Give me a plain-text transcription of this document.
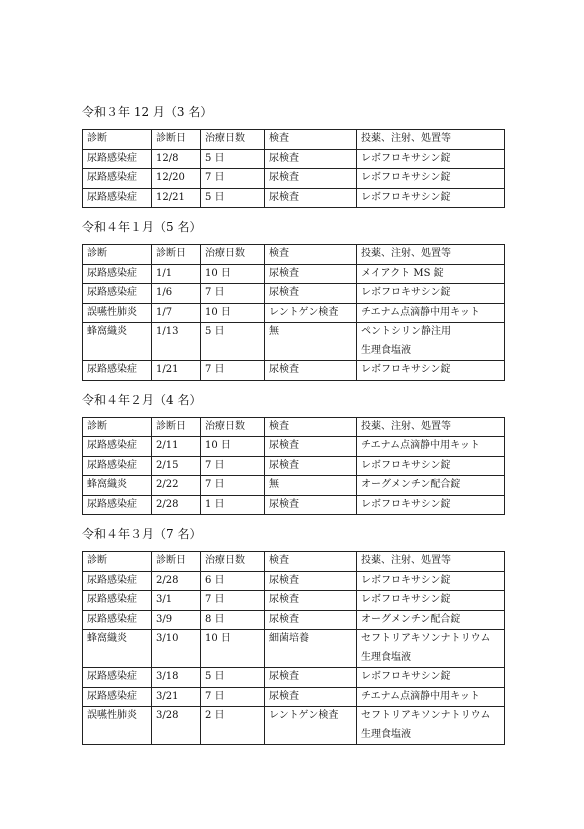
令和３年 12 月（3 名）
診断	診断日	治療日数	検査	投薬、注射、処置等
尿路感染症	12/8	5 日	尿検査	レボフロキサシン錠
尿路感染症	12/20	7 日	尿検査	レボフロキサシン錠
尿路感染症	12/21	5 日	尿検査	レボフロキサシン錠
令和４年１月（5 名）
診断	診断日	治療日数	検査	投薬、注射、処置等
尿路感染症	1/1	10 日	尿検査	メイアクト MS 錠
尿路感染症	1/6	7 日	尿検査	レボフロキサシン錠
誤嚥性肺炎	1/7	10 日	レントゲン検査	チエナム点滴静中用キット
蜂窩織炎	1/13	5 日	無	ペントシリン静注用
生理食塩液
尿路感染症	1/21	7 日	尿検査	レボフロキサシン錠
令和４年２月（4 名）
診断	診断日	治療日数	検査	投薬、注射、処置等
尿路感染症	2/11	10 日	尿検査	チエナム点滴静中用キット
尿路感染症	2/15	7 日	尿検査	レボフロキサシン錠
蜂窩織炎	2/22	7 日	無	オーグメンチン配合錠
尿路感染症	2/28	1 日	尿検査	レボフロキサシン錠
令和４年３月（7 名）
診断	診断日	治療日数	検査	投薬、注射、処置等
尿路感染症	2/28	6 日	尿検査	レボフロキサシン錠
尿路感染症	3/1	7 日	尿検査	レボフロキサシン錠
尿路感染症	3/9	8 日	尿検査	オーグメンチン配合錠
蜂窩織炎	3/10	10 日	細菌培養	セフトリアキソンナトリウム
生理食塩液
尿路感染症	3/18	5 日	尿検査	レボフロキサシン錠
尿路感染症	3/21	7 日	尿検査	チエナム点滴静中用キット
誤嚥性肺炎	3/28	2 日	レントゲン検査	セフトリアキソンナトリウム
生理食塩液
